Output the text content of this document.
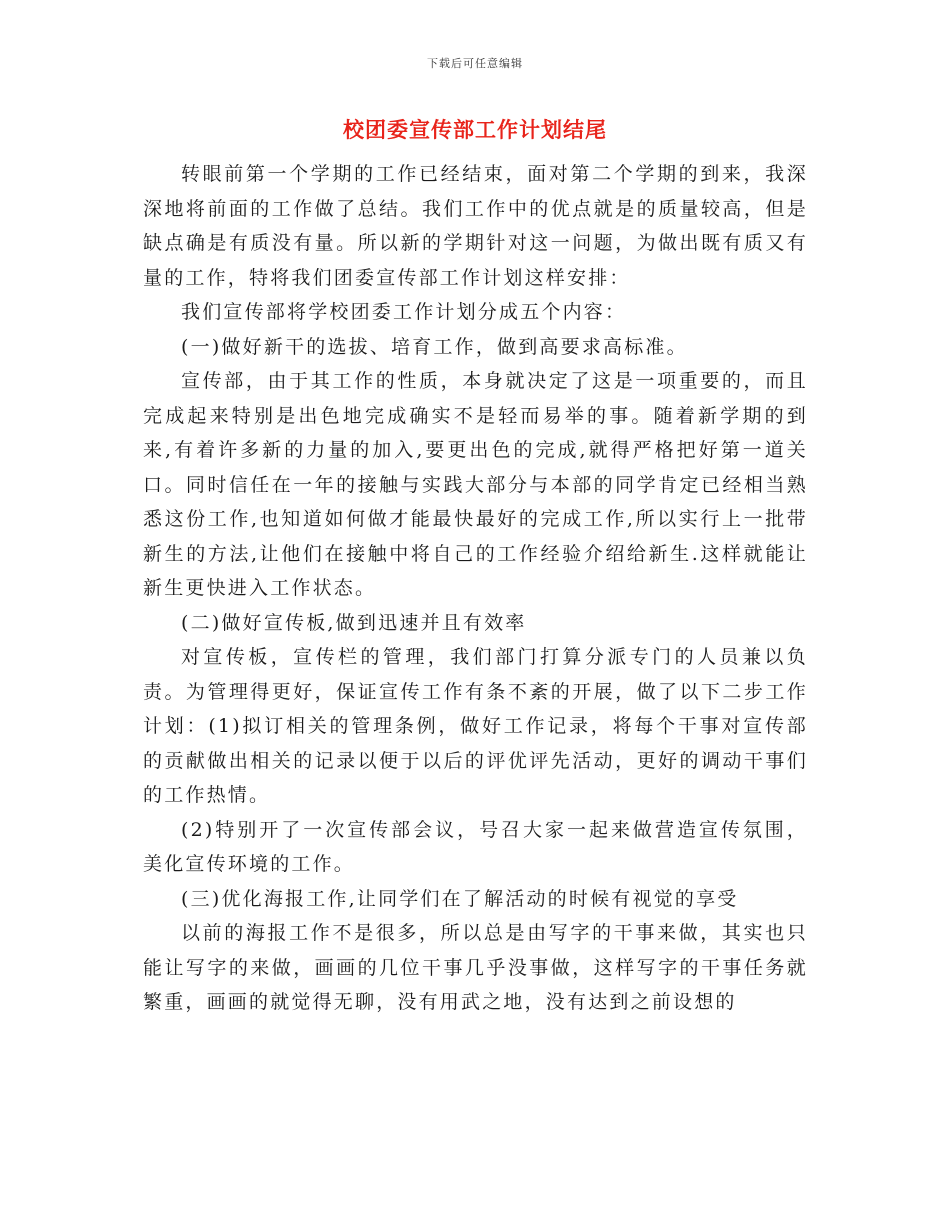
下载后可任意编辑
校团委宣传部工作计划结尾

转眼前第一个学期的工作已经结束，面对第二个学期的到来，我深深地将前面的工作做了总结。我们工作中的优点就是的质量较高，但是缺点确是有质没有量。所以新的学期针对这一问题，为做出既有质又有量的工作，特将我们团委宣传部工作计划这样安排：

我们宣传部将学校团委工作计划分成五个内容：

(一)做好新干的选拔、培育工作，做到高要求高标准。

宣传部，由于其工作的性质，本身就决定了这是一项重要的，而且完成起来特别是出色地完成确实不是轻而易举的事。随着新学期的到来,有着许多新的力量的加入,要更出色的完成,就得严格把好第一道关口。同时信任在一年的接触与实践大部分与本部的同学肯定已经相当熟悉这份工作,也知道如何做才能最快最好的完成工作,所以实行上一批带新生的方法,让他们在接触中将自己的工作经验介绍给新生.这样就能让新生更快进入工作状态。

(二)做好宣传板,做到迅速并且有效率

对宣传板，宣传栏的管理，我们部门打算分派专门的人员兼以负责。为管理得更好，保证宣传工作有条不紊的开展，做了以下二步工作计划：(1)拟订相关的管理条例，做好工作记录，将每个干事对宣传部的贡献做出相关的记录以便于以后的评优评先活动，更好的调动干事们的工作热情。

(2)特别开了一次宣传部会议，号召大家一起来做营造宣传氛围，美化宣传环境的工作。

(三)优化海报工作,让同学们在了解活动的时候有视觉的享受

以前的海报工作不是很多，所以总是由写字的干事来做，其实也只能让写字的来做，画画的几位干事几乎没事做，这样写字的干事任务就繁重，画画的就觉得无聊，没有用武之地，没有达到之前设想的
